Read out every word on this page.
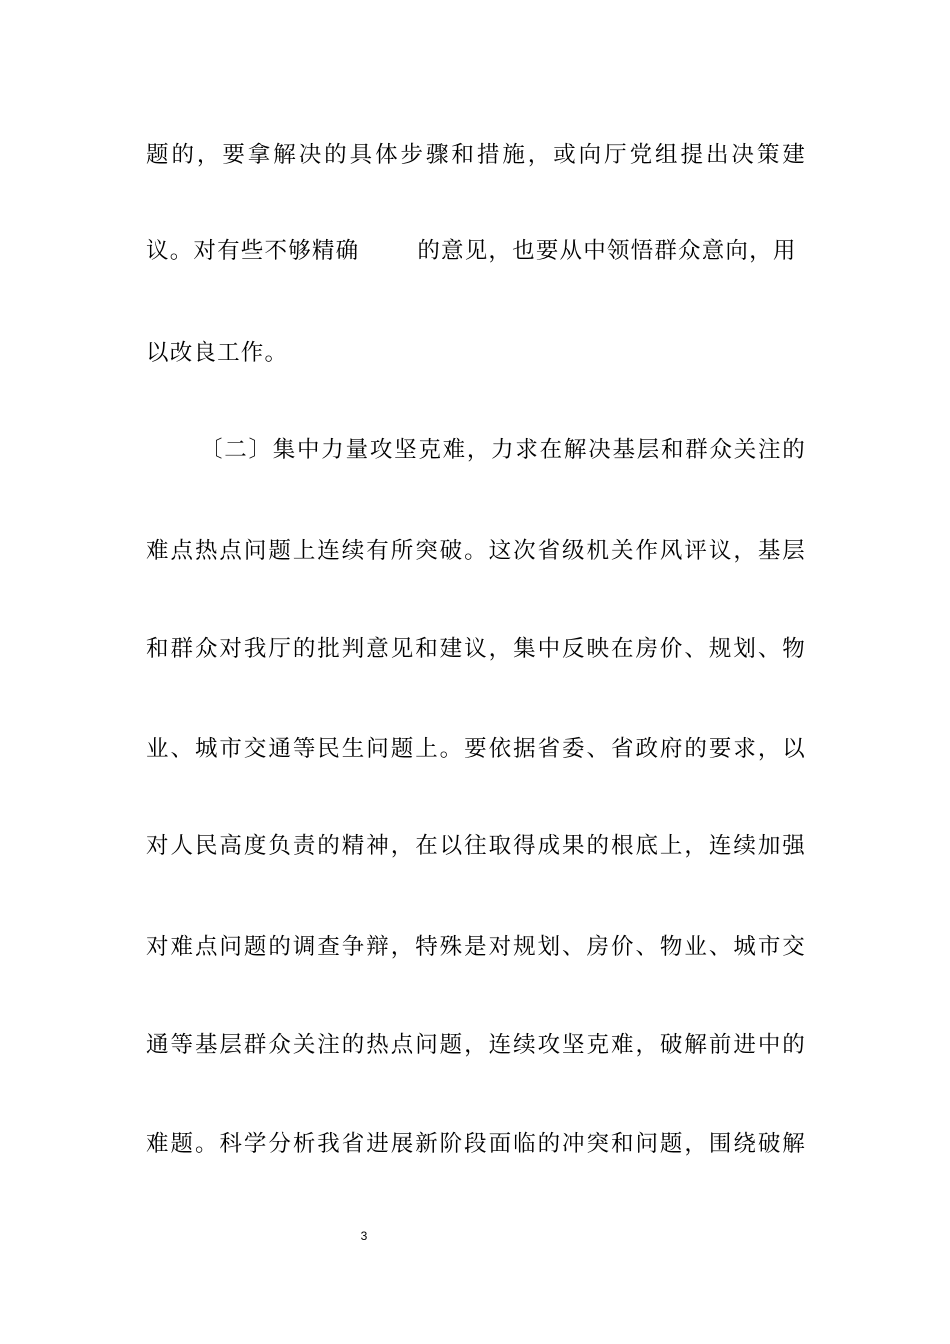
题的，要拿解决的具体步骤和措施，或向厅党组提出决策建
议。对有些不够精确	的意见，也要从中领悟群众意向，用
以改良工作。
〔二〕集中力量攻坚克难，力求在解决基层和群众关注的
难点热点问题上连续有所突破。这次省级机关作风评议，基层
和群众对我厅的批判意见和建议，集中反映在房价、规划、物
业、城市交通等民生问题上。要依据省委、省政府的要求，以
对人民高度负责的精神，在以往取得成果的根底上，连续加强
对难点问题的调查争辩，特殊是对规划、房价、物业、城市交
通等基层群众关注的热点问题，连续攻坚克难，破解前进中的
难题。科学分析我省进展新阶段面临的冲突和问题，围绕破解
3
